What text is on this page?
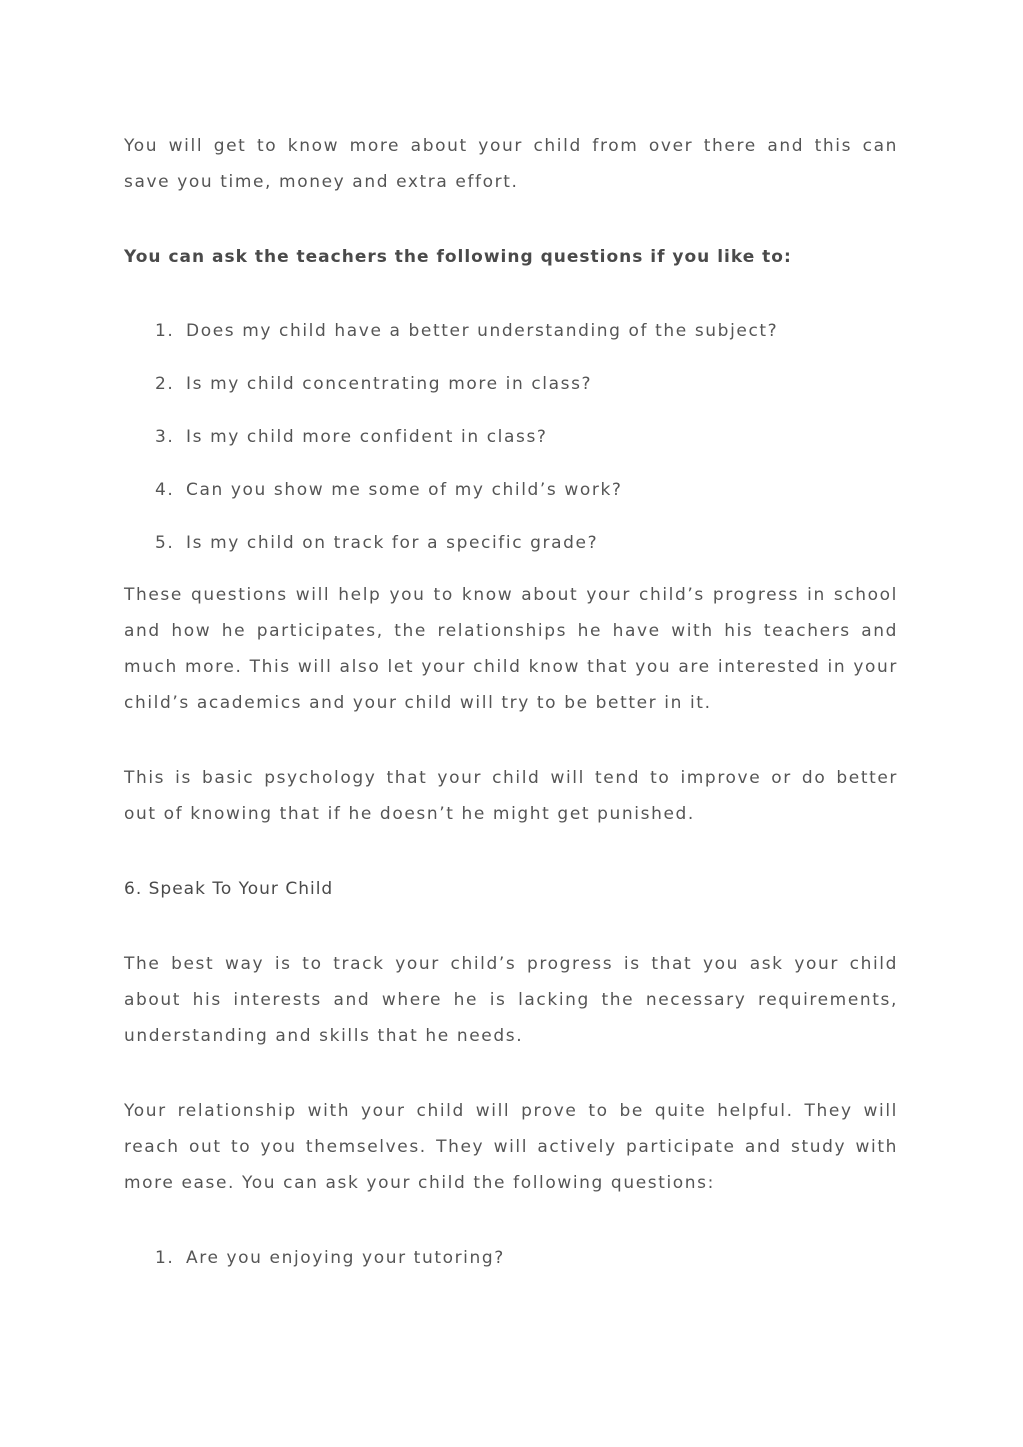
You will get to know more about your child from over there and this can save you time, money and extra effort.

You can ask the teachers the following questions if you like to:

1. Does my child have a better understanding of the subject?
2. Is my child concentrating more in class?
3. Is my child more confident in class?
4. Can you show me some of my child’s work?
5. Is my child on track for a specific grade?

These questions will help you to know about your child’s progress in school and how he participates, the relationships he have with his teachers and much more. This will also let your child know that you are interested in your child’s academics and your child will try to be better in it.

This is basic psychology that your child will tend to improve or do better out of knowing that if he doesn’t he might get punished.

6. Speak To Your Child

The best way is to track your child’s progress is that you ask your child about his interests and where he is lacking the necessary requirements, understanding and skills that he needs.

Your relationship with your child will prove to be quite helpful. They will reach out to you themselves. They will actively participate and study with more ease. You can ask your child the following questions:

1. Are you enjoying your tutoring?
